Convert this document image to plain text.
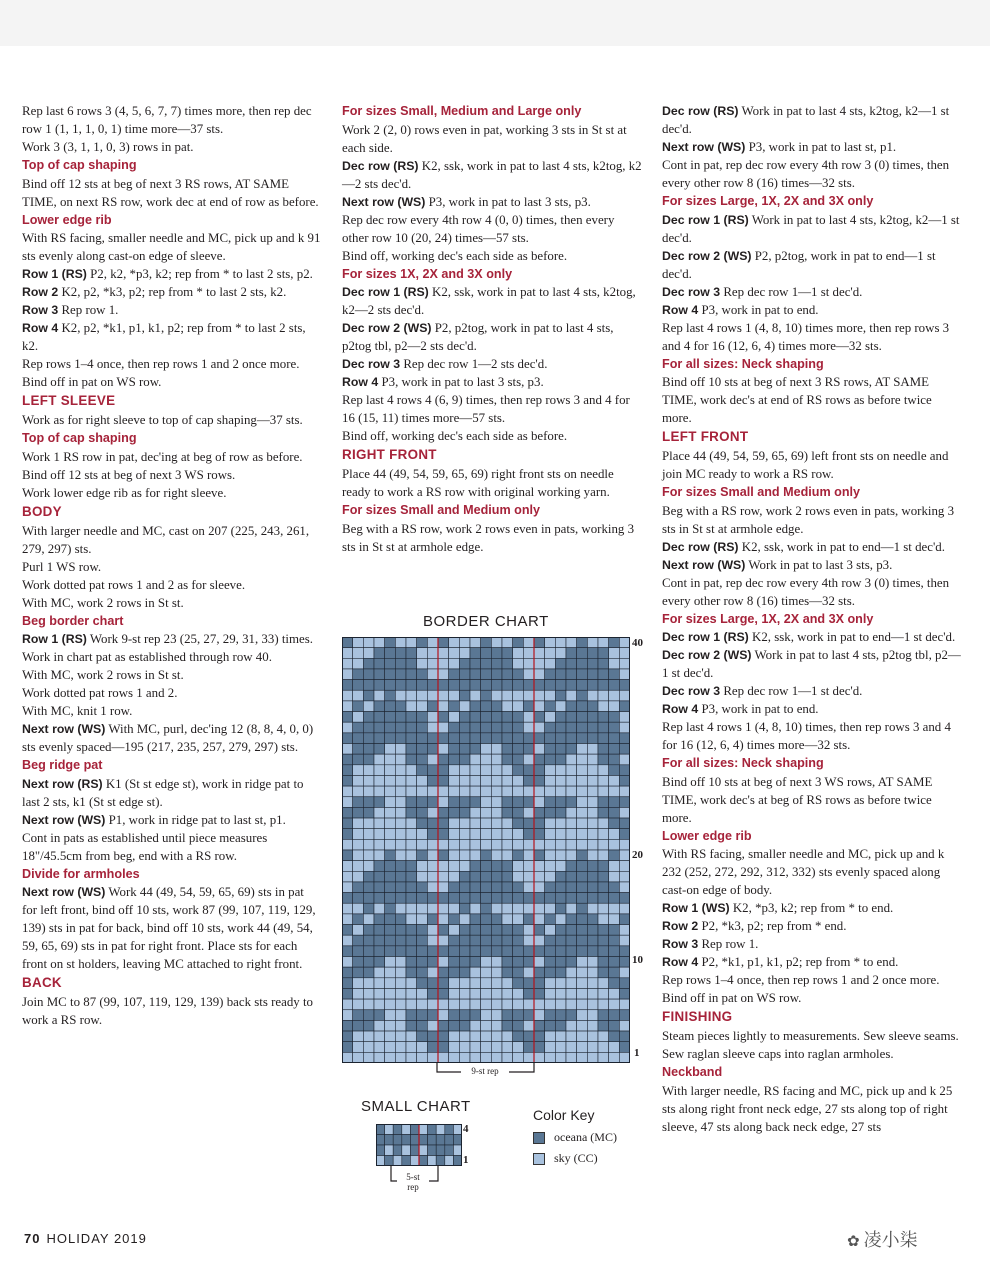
Rep last 6 rows 3 (4, 5, 6, 7, 7) times more, then rep dec row 1 (1, 1, 1, 0, 1) time more—37 sts.

Work 3 (3, 1, 1, 0, 3) rows in pat.

Top of cap shaping

Bind off 12 sts at beg of next 3 RS rows, AT SAME TIME, on next RS row, work dec at end of row as before.

Lower edge rib

With RS facing, smaller needle and MC, pick up and k 91 sts evenly along cast-on edge of sleeve.

Row 1 (RS) P2, k2, *p3, k2; rep from * to last 2 sts, p2.

Row 2 K2, p2, *k3, p2; rep from * to last 2 sts, k2.

Row 3 Rep row 1.

Row 4 K2, p2, *k1, p1, k1, p2; rep from * to last 2 sts, k2.

Rep rows 1–4 once, then rep rows 1 and 2 once more.

Bind off in pat on WS row.

LEFT SLEEVE

Work as for right sleeve to top of cap shaping—37 sts.

Top of cap shaping

Work 1 RS row in pat, dec'ing at beg of row as before.

Bind off 12 sts at beg of next 3 WS rows.

Work lower edge rib as for right sleeve.

BODY

With larger needle and MC, cast on 207 (225, 243, 261, 279, 297) sts.

Purl 1 WS row.

Work dotted pat rows 1 and 2 as for sleeve.

With MC, work 2 rows in St st.

Beg border chart

Row 1 (RS) Work 9-st rep 23 (25, 27, 29, 31, 33) times.

Work in chart pat as established through row 40.

With MC, work 2 rows in St st.

Work dotted pat rows 1 and 2.

With MC, knit 1 row.

Next row (WS) With MC, purl, dec'ing 12 (8, 8, 4, 0, 0) sts evenly spaced—195 (217, 235, 257, 279, 297) sts.

Beg ridge pat

Next row (RS) K1 (St st edge st), work in ridge pat to last 2 sts, k1 (St st edge st).

Next row (WS) P1, work in ridge pat to last st, p1.

Cont in pats as established until piece measures 18"/45.5cm from beg, end with a RS row.

Divide for armholes

Next row (WS) Work 44 (49, 54, 59, 65, 69) sts in pat for left front, bind off 10 sts, work 87 (99, 107, 119, 129, 139) sts in pat for back, bind off 10 sts, work 44 (49, 54, 59, 65, 69) sts in pat for right front. Place sts for each front on st holders, leaving MC attached to right front.

BACK

Join MC to 87 (99, 107, 119, 129, 139) back sts ready to work a RS row.

For sizes Small, Medium and Large only

Work 2 (2, 0) rows even in pat, working 3 sts in St st at each side.

Dec row (RS) K2, ssk, work in pat to last 4 sts, k2tog, k2—2 sts dec'd.

Next row (WS) P3, work in pat to last 3 sts, p3.

Rep dec row every 4th row 4 (0, 0) times, then every other row 10 (20, 24) times—57 sts.

Bind off, working dec's each side as before.

For sizes 1X, 2X and 3X only

Dec row 1 (RS) K2, ssk, work in pat to last 4 sts, k2tog, k2—2 sts dec'd.

Dec row 2 (WS) P2, p2tog, work in pat to last 4 sts, p2tog tbl, p2—2 sts dec'd.

Dec row 3 Rep dec row 1—2 sts dec'd.

Row 4 P3, work in pat to last 3 sts, p3.

Rep last 4 rows 4 (6, 9) times, then rep rows 3 and 4 for 16 (15, 11) times more—57 sts.

Bind off, working dec's each side as before.

RIGHT FRONT

Place 44 (49, 54, 59, 65, 69) right front sts on needle ready to work a RS row with original working yarn.

For sizes Small and Medium only

Beg with a RS row, work 2 rows even in pats, working 3 sts in St st at armhole edge.

Dec row (RS) Work in pat to last 4 sts, k2tog, k2—1 st dec'd.

Next row (WS) P3, work in pat to last st, p1.

Cont in pat, rep dec row every 4th row 3 (0) times, then every other row 8 (16) times—32 sts.

For sizes Large, 1X, 2X and 3X only

Dec row 1 (RS) Work in pat to last 4 sts, k2tog, k2—1 st dec'd.

Dec row 2 (WS) P2, p2tog, work in pat to end—1 st dec'd.

Dec row 3 Rep dec row 1—1 st dec'd.

Row 4 P3, work in pat to end.

Rep last 4 rows 1 (4, 8, 10) times more, then rep rows 3 and 4 for 16 (12, 6, 4) times more—32 sts.

For all sizes: Neck shaping

Bind off 10 sts at beg of next 3 RS rows, AT SAME TIME, work dec's at end of RS rows as before twice more.

LEFT FRONT

Place 44 (49, 54, 59, 65, 69) left front sts on needle and join MC ready to work a RS row.

For sizes Small and Medium only

Beg with a RS row, work 2 rows even in pats, working 3 sts in St st at armhole edge.

Dec row (RS) K2, ssk, work in pat to end—1 st dec'd.

Next row (WS) Work in pat to last 3 sts, p3.

Cont in pat, rep dec row every 4th row 3 (0) times, then every other row 8 (16) times—32 sts.

For sizes Large, 1X, 2X and 3X only

Dec row 1 (RS) K2, ssk, work in pat to end—1 st dec'd.

Dec row 2 (WS) Work in pat to last 4 sts, p2tog tbl, p2—1 st dec'd.

Dec row 3 Rep dec row 1—1 st dec'd.

Row 4 P3, work in pat to end.

Rep last 4 rows 1 (4, 8, 10) times, then rep rows 3 and 4 for 16 (12, 6, 4) times more—32 sts.

For all sizes: Neck shaping

Bind off 10 sts at beg of next 3 WS rows, AT SAME TIME, work dec's at beg of RS rows as before twice more.

Lower edge rib

With RS facing, smaller needle and MC, pick up and k 232 (252, 272, 292, 312, 332) sts evenly spaced along cast-on edge of body.

Row 1 (WS) K2, *p3, k2; rep from * to end.

Row 2 P2, *k3, p2; rep from * end.

Row 3 Rep row 1.

Row 4 P2, *k1, p1, k1, p2; rep from * to end.

Rep rows 1–4 once, then rep rows 1 and 2 once more. Bind off in pat on WS row.

FINISHING

Steam pieces lightly to measurements. Sew sleeve seams. Sew raglan sleeve caps into raglan armholes.

Neckband

With larger needle, RS facing and MC, pick up and k 25 sts along right front neck edge, 27 sts along top of right sleeve, 47 sts along back neck edge, 27 sts

BORDER CHART
40
20
10
1
9-st rep
SMALL CHART
4
1
5-st
rep
Color Key
oceana (MC)
sky (CC)
70 HOLIDAY 2019	✿ 凌小柒
